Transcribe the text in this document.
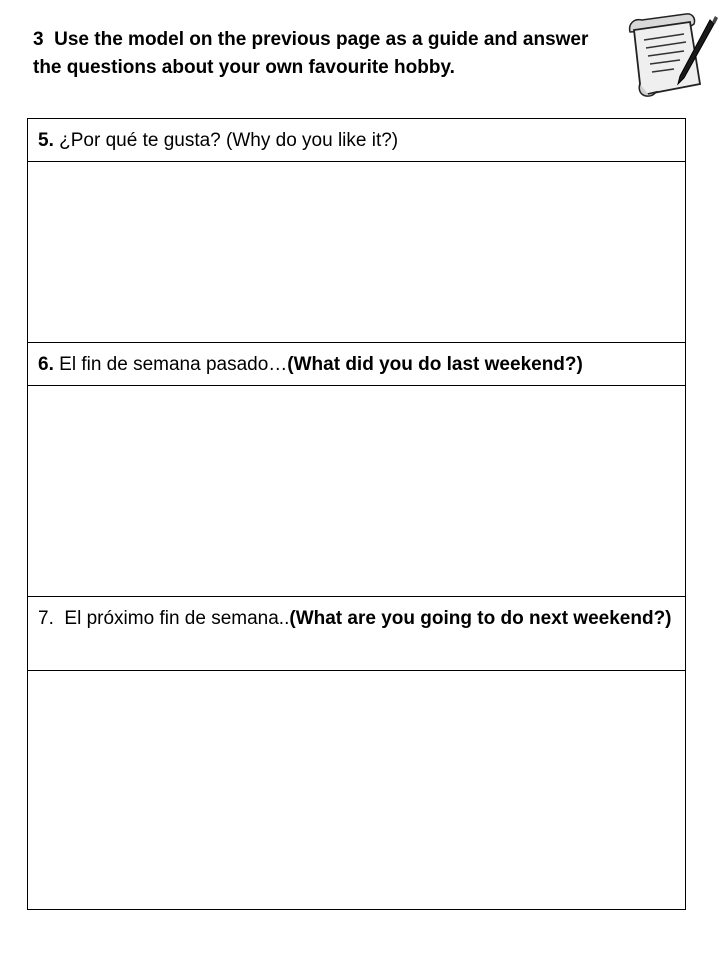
3 Use the model on the previous page as a guide and answer the questions about your own favourite hobby.
5. ¿Por qué te gusta? (Why do you like it?)

6. El fin de semana pasado…(What did you do last weekend?)

7. El próximo fin de semana..(What are you going to do next weekend?)
